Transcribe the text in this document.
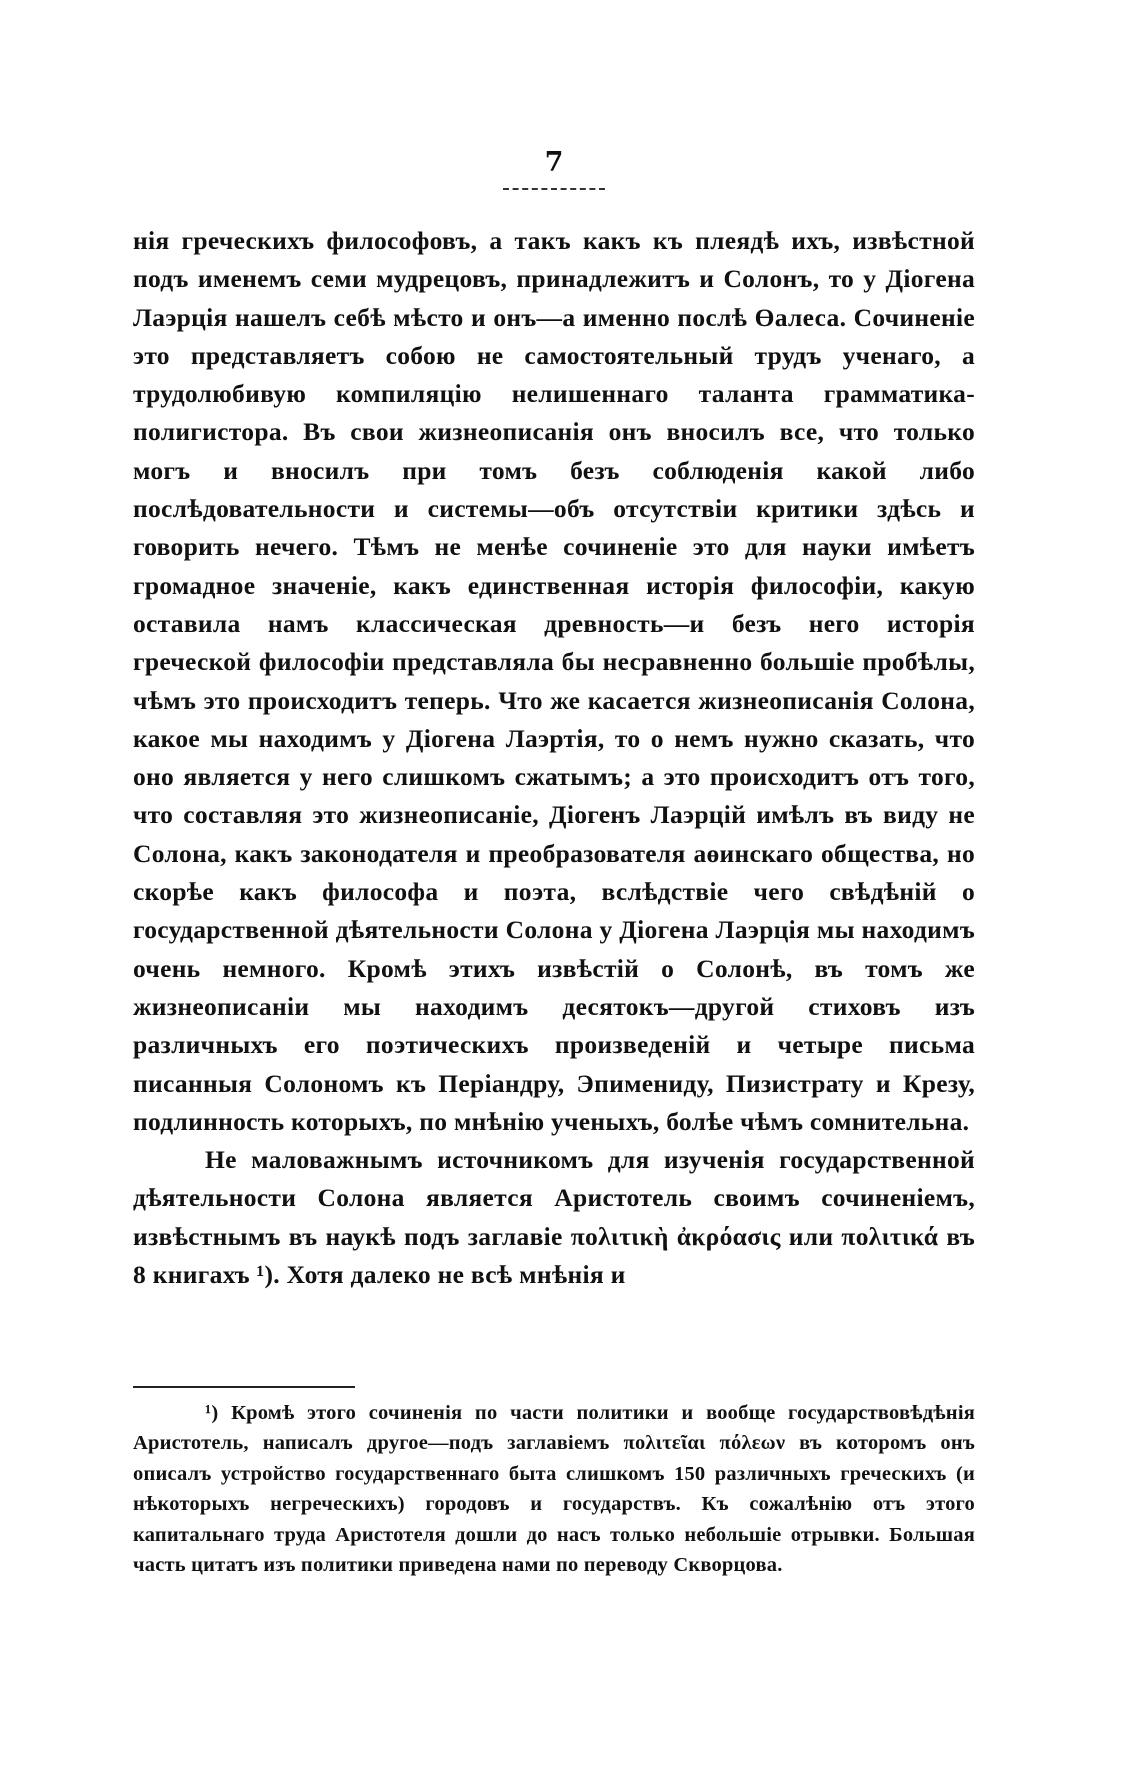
7

нія греческихъ философовъ, а такъ какъ къ плеядѣ ихъ, извѣстной подъ именемъ семи мудрецовъ, принадлежитъ и Солонъ, то у Діогена Лаэрція нашелъ себѣ мѣсто и онъ—а именно послѣ Өалеса. Сочиненіе это представляетъ собою не самостоятельный трудъ ученаго, а трудолюбивую компиляцію нелишеннаго таланта грамматика-полигистора. Въ свои жизнеописанія онъ вносилъ все, что только могъ и вносилъ при томъ безъ соблюденія какой либо послѣдовательности и системы—объ отсутствіи критики здѣсь и говорить нечего. Тѣмъ не менѣе сочиненіе это для науки имѣетъ громадное значеніе, какъ единственная исторія философіи, какую оставила намъ классическая древность—и безъ него исторія греческой философіи представляла бы несравненно большіе пробѣлы, чѣмъ это происходитъ теперь. Что же касается жизнеописанія Солона, какое мы находимъ у Діогена Лаэртія, то о немъ нужно сказать, что оно является у него слишкомъ сжатымъ; а это происходитъ отъ того, что составляя это жизнеописаніе, Діогенъ Лаэрцій имѣлъ въ виду не Солона, какъ законодателя и преобразователя аөинскаго общества, но скорѣе какъ философа и поэта, вслѣдствіе чего свѣдѣній о государственной дѣятельности Солона у Діогена Лаэрція мы находимъ очень немного. Кромѣ этихъ извѣстій о Солонѣ, въ томъ же жизнеописаніи мы находимъ десятокъ—другой стиховъ изъ различныхъ его поэтическихъ произведеній и четыре письма писанныя Солономъ къ Періандру, Эпимениду, Пизистрату и Крезу, подлинность которыхъ, по мнѣнію ученыхъ, болѣе чѣмъ сомнительна.

Не маловажнымъ источникомъ для изученія государственной дѣятельности Солона является Аристотель своимъ сочиненіемъ, извѣстнымъ въ наукѣ подъ заглавіе πολιτικὴ ἀκρόασις или πολιτικά въ 8 книгахъ ¹). Хотя далеко не всѣ мнѣнія и

¹) Кромѣ этого сочиненія по части политики и вообще государствовѣдѣнія Аристотель, написалъ другое—подъ заглавіемъ πολιτεῖαι πόλεων въ которомъ онъ описалъ устройство государственнаго быта слишкомъ 150 различныхъ греческихъ (и нѣкоторыхъ негреческихъ) городовъ и государствъ. Къ сожалѣнію отъ этого капитальнаго труда Аристотеля дошли до насъ только небольшіе отрывки. Большая часть цитатъ изъ политики приведена нами по переводу Скворцова.
